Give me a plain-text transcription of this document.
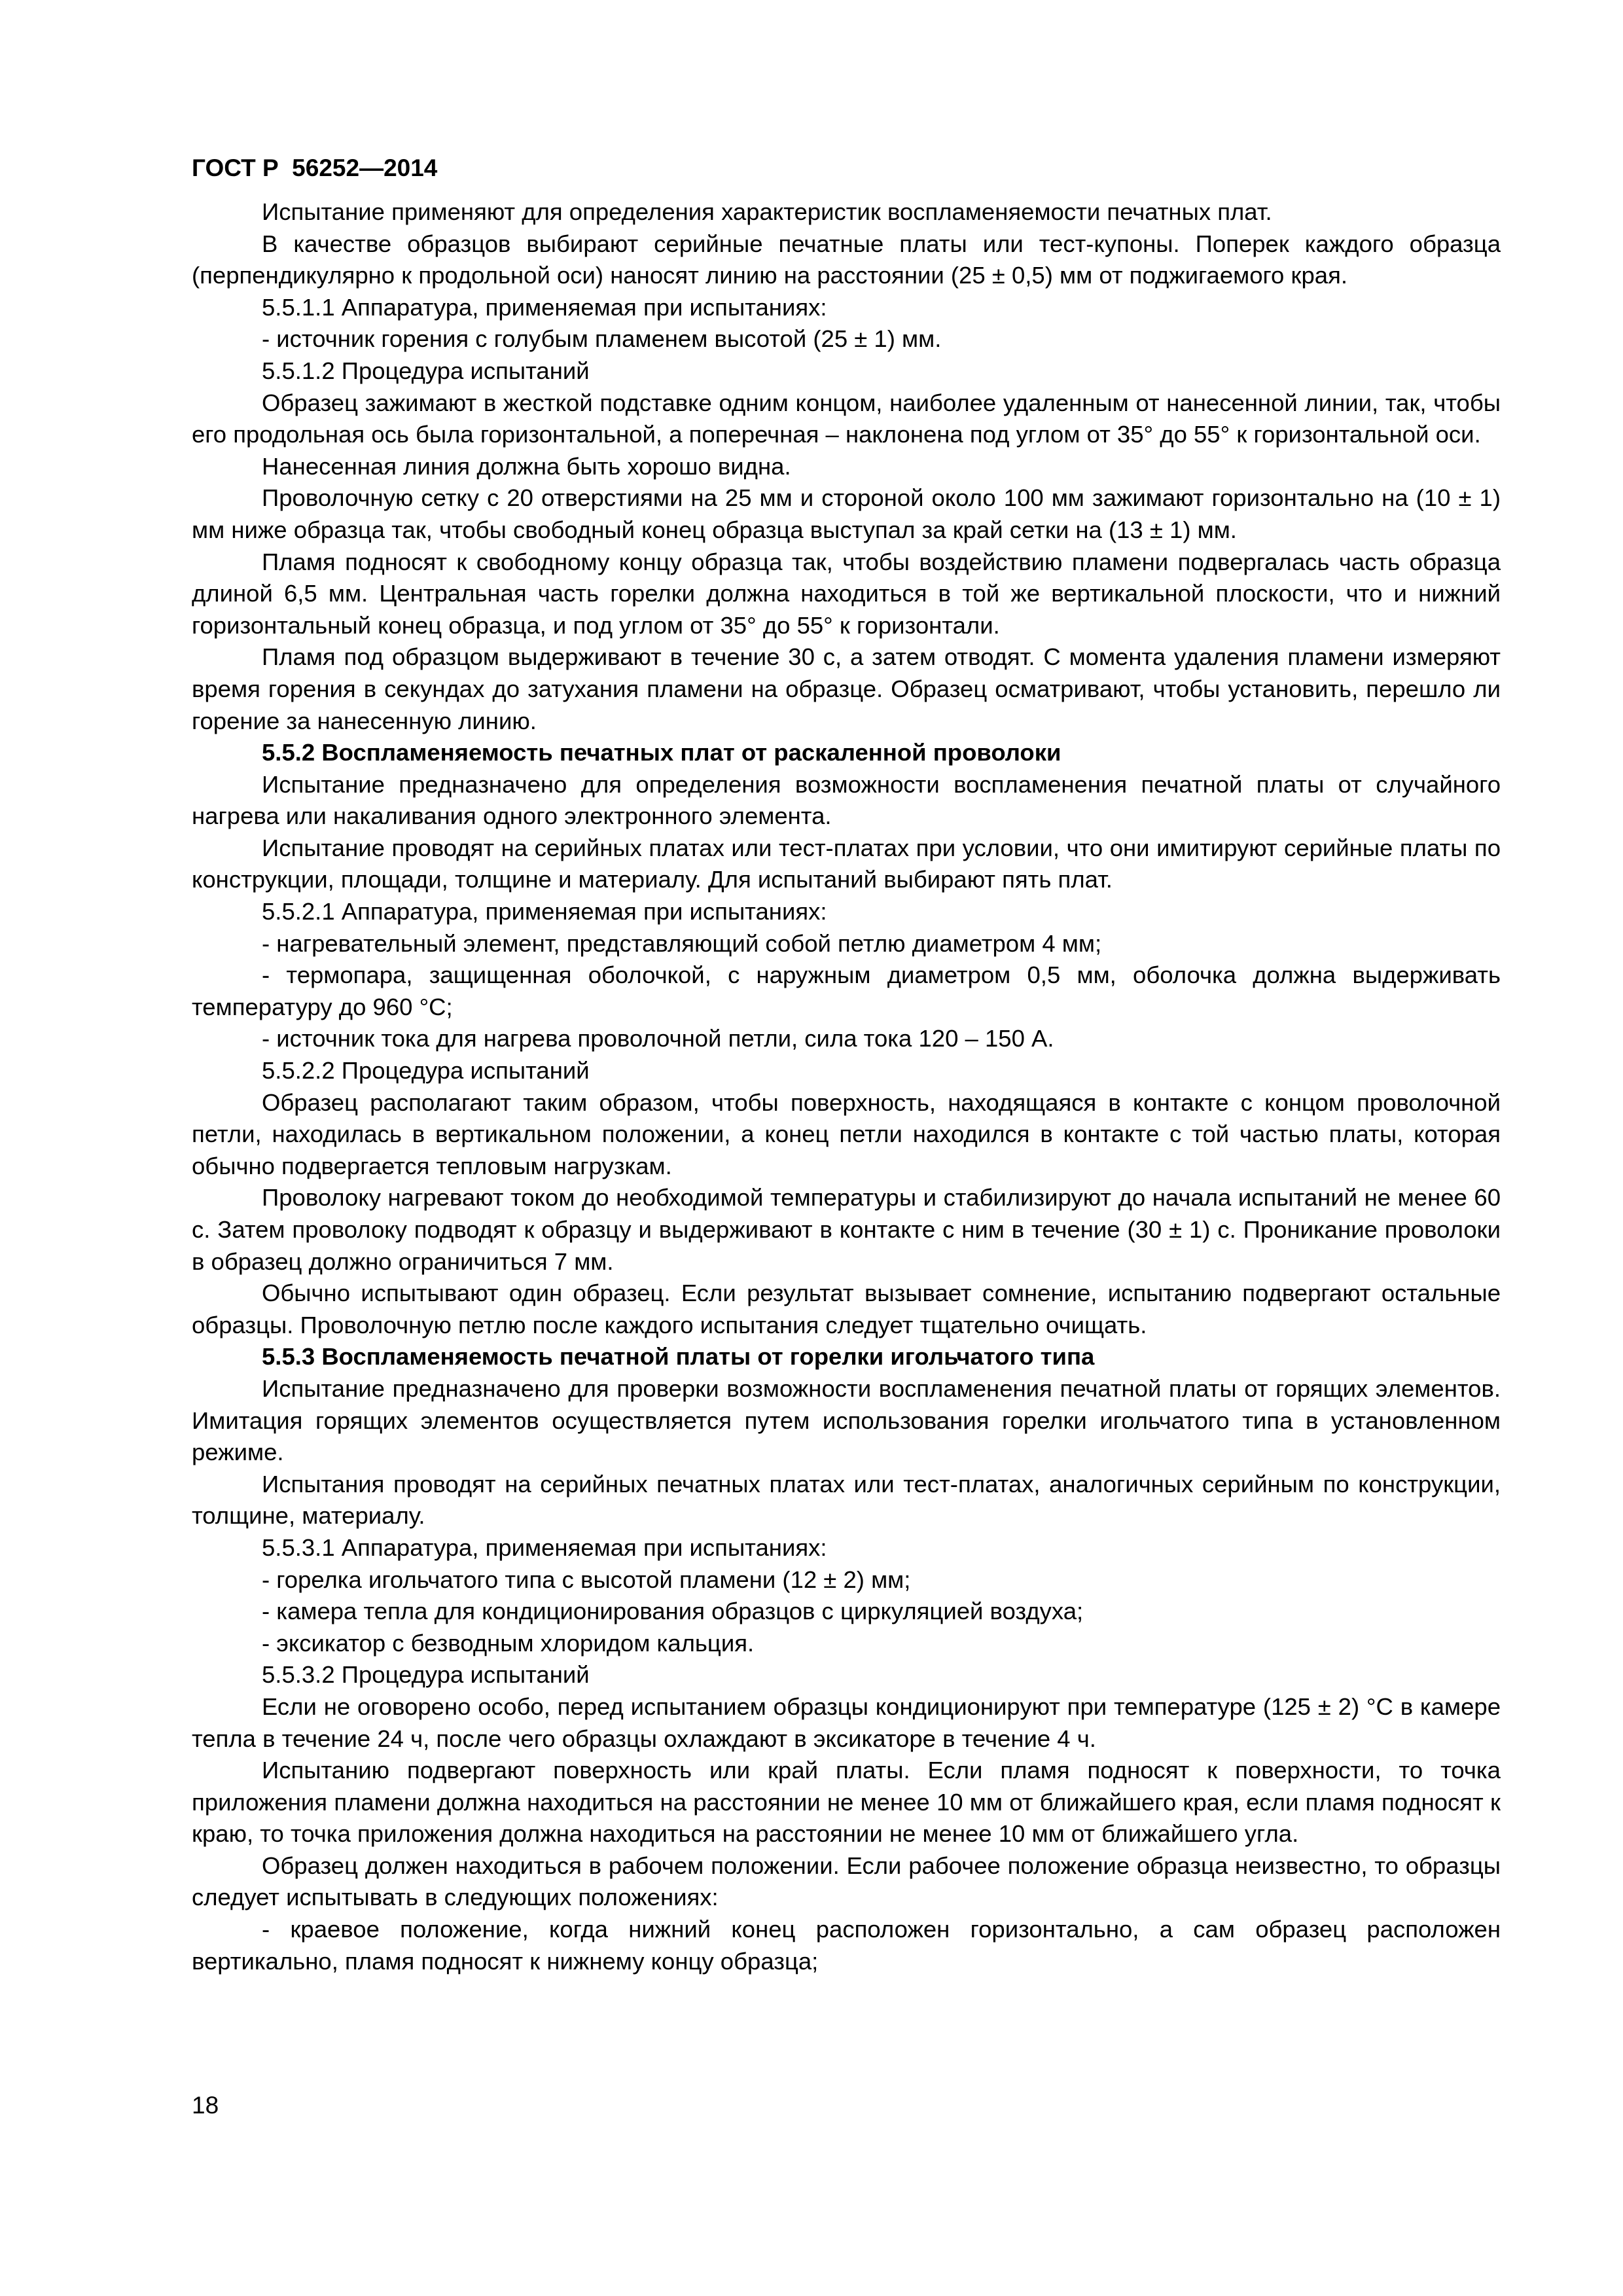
ГОСТ Р  56252—2014

Испытание применяют для определения характеристик воспламеняемости печатных плат.

В качестве образцов выбирают серийные печатные платы или тест-купоны. Поперек каждого образца (перпендикулярно к продольной оси) наносят линию на расстоянии (25 ± 0,5) мм от поджигаемого края.

5.5.1.1 Аппаратура, применяемая при испытаниях:

- источник горения с голубым пламенем высотой (25 ± 1) мм.

5.5.1.2 Процедура испытаний

Образец зажимают в жесткой подставке одним концом, наиболее удаленным от нанесенной линии, так, чтобы его продольная ось была горизонтальной, а поперечная – наклонена под углом от 35° до 55° к горизонтальной оси.

Нанесенная линия должна быть хорошо видна.

Проволочную сетку с 20 отверстиями на 25 мм и стороной около 100 мм зажимают горизонтально на (10 ± 1) мм ниже образца так, чтобы свободный конец образца выступал за край сетки на (13 ± 1) мм.

Пламя подносят к свободному концу образца так, чтобы воздействию пламени подвергалась часть образца длиной 6,5 мм. Центральная часть горелки должна находиться в той же вертикальной плоскости, что и нижний горизонтальный конец образца, и под углом от 35° до 55° к горизонтали.

Пламя под образцом выдерживают в течение 30 с, а затем отводят. С момента удаления пламени измеряют время горения в секундах до затухания пламени на образце. Образец осматривают, чтобы установить, перешло ли горение за нанесенную линию.

5.5.2 Воспламеняемость печатных плат от раскаленной проволоки

Испытание предназначено для определения возможности воспламенения печатной платы от случайного нагрева или накаливания одного электронного элемента.

Испытание проводят на серийных платах или тест-платах при условии, что они имитируют серийные платы по конструкции, площади, толщине и материалу. Для испытаний выбирают пять плат.

5.5.2.1 Аппаратура, применяемая при испытаниях:

- нагревательный элемент, представляющий собой петлю диаметром 4 мм;

- термопара, защищенная оболочкой, с наружным диаметром 0,5 мм, оболочка должна выдерживать температуру до 960 °С;

- источник тока для нагрева проволочной петли, сила тока 120 – 150 А.

5.5.2.2 Процедура испытаний

Образец располагают таким образом, чтобы поверхность, находящаяся в контакте с концом проволочной петли, находилась в вертикальном положении, а конец петли находился в контакте с той частью платы, которая обычно подвергается тепловым нагрузкам.

Проволоку нагревают током до необходимой температуры и стабилизируют до начала испытаний не менее 60 с. Затем проволоку подводят к образцу и выдерживают в контакте с ним в течение (30 ± 1) с. Проникание проволоки в образец должно ограничиться 7 мм.

Обычно испытывают один образец. Если результат вызывает сомнение, испытанию подвергают остальные образцы. Проволочную петлю после каждого испытания следует тщательно очищать.

5.5.3 Воспламеняемость печатной платы от горелки игольчатого типа

Испытание предназначено для проверки возможности воспламенения печатной платы от горящих элементов. Имитация горящих элементов осуществляется путем использования горелки игольчатого типа в установленном режиме.

Испытания проводят на серийных печатных платах или тест-платах, аналогичных серийным по конструкции, толщине, материалу.

5.5.3.1 Аппаратура, применяемая при испытаниях:

- горелка игольчатого типа с высотой пламени (12 ± 2) мм;

- камера тепла для кондиционирования образцов с циркуляцией воздуха;

- эксикатор с безводным хлоридом кальция.

5.5.3.2 Процедура испытаний

Если не оговорено особо, перед испытанием образцы кондиционируют при температуре (125 ± 2) °С в камере тепла в течение 24 ч, после чего образцы охлаждают в эксикаторе в течение 4 ч.

Испытанию подвергают поверхность или край платы. Если пламя подносят к поверхности, то точка приложения пламени должна находиться на расстоянии не менее 10 мм от ближайшего края, если пламя подносят к краю, то точка приложения должна находиться на расстоянии не менее 10 мм от ближайшего угла.

Образец должен находиться в рабочем положении. Если рабочее положение образца неизвестно, то образцы следует испытывать в следующих положениях:

- краевое положение, когда нижний конец расположен горизонтально, а сам образец расположен вертикально, пламя подносят к нижнему концу образца;

18
